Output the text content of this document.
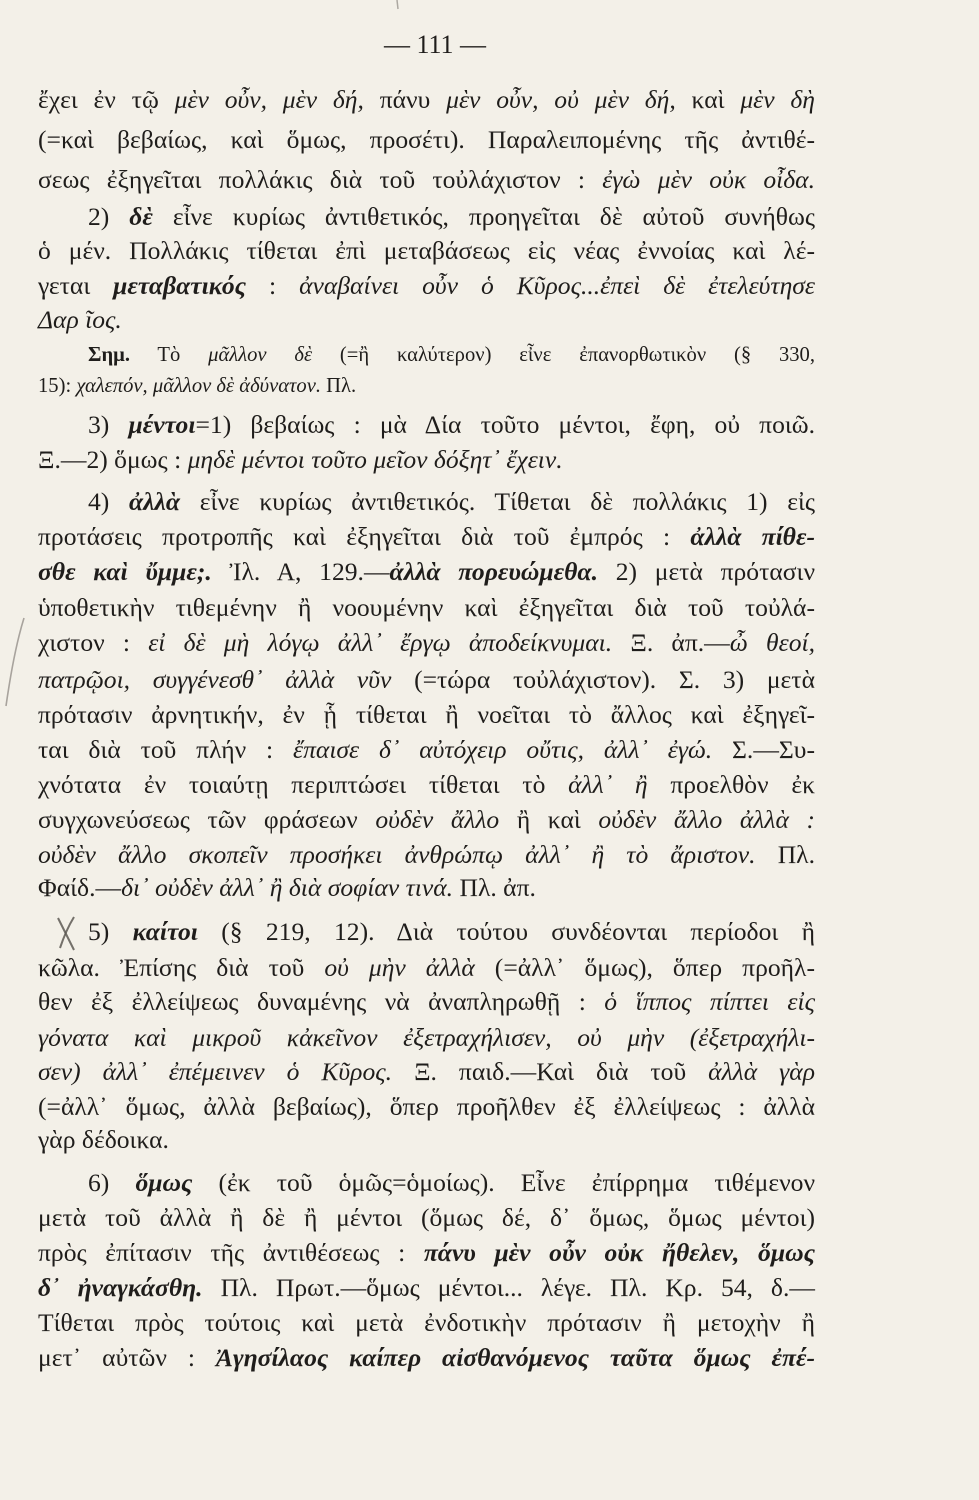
— 111 —
ἔχει ἐν τῷ μὲν οὖν, μὲν δή, πάνυ μὲν οὖν, οὐ μὲν δή, καὶ μὲν δὴ
(=καὶ βεβαίως, καὶ ὅμως, προσέτι). Παραλειπομένης τῆς ἀντιθέ-
σεως ἐξηγεῖται πολλάκις διὰ τοῦ τοὐλάχιστον : ἐγὼ μὲν οὐκ οἶδα.
2) δὲ εἶνε κυρίως ἀντιθετικός, προηγεῖται δὲ αὐτοῦ συνήθως
ὁ μέν. Πολλάκις τίθεται ἐπὶ μεταβάσεως εἰς νέας ἐννοίας καὶ λέ-
γεται μεταβατικός : ἀναβαίνει οὖν ὁ Κῦρος...ἐπεὶ δὲ ἐτελεύτησε
Δαρ ῖος.
Σημ. Τὸ μᾶλλον δὲ (=ἢ καλύτερον) εἶνε ἐπανορθωτικὸν (§ 330,
15): χαλεπόν, μᾶλλον δὲ ἀδύνατον. Πλ.
3) μέντοι=1) βεβαίως : μὰ Δία τοῦτο μέντοι, ἔφη, οὐ ποιῶ.
Ξ.—2) ὅμως : μηδὲ μέντοι τοῦτο μεῖον δόξητ᾽ ἔχειν.
4) ἀλλὰ εἶνε κυρίως ἀντιθετικός. Τίθεται δὲ πολλάκις 1) εἰς
προτάσεις προτροπῆς καὶ ἐξηγεῖται διὰ τοῦ ἐμπρός : ἀλλὰ πίθε-
σθε καὶ ὔμμε;. Ἰλ. Α, 129.—ἀλλὰ πορευώμεθα. 2) μετὰ πρότασιν
ὑποθετικὴν τιθεμένην ἢ νοουμένην καὶ ἐξηγεῖται διὰ τοῦ τοὐλά-
χιστον : εἰ δὲ μὴ λόγῳ ἀλλ᾽ ἔργῳ ἀποδείκνυμαι. Ξ. ἀπ.—ὦ θεοί,
πατρῷοι, συγγένεσθ᾽ ἀλλὰ νῦν (=τώρα τοὐλάχιστον). Σ. 3) μετὰ
πρότασιν ἀρνητικήν, ἐν ᾗ τίθεται ἢ νοεῖται τὸ ἄλλος καὶ ἐξηγεῖ-
ται διὰ τοῦ πλήν : ἔπαισε δ᾽ αὐτόχειρ οὔτις, ἀλλ᾽ ἐγώ. Σ.—Συ-
χνότατα ἐν τοιαύτῃ περιπτώσει τίθεται τὸ ἀλλ᾽ ἢ προελθὸν ἐκ
συγχωνεύσεως τῶν φράσεων οὐδὲν ἄλλο ἢ καὶ οὐδὲν ἄλλο ἀλλὰ :
οὐδὲν ἄλλο σκοπεῖν προσήκει ἀνθρώπῳ ἀλλ᾽ ἢ τὸ ἄριστον. Πλ.
Φαίδ.—δι᾽ οὐδὲν ἀλλ᾽ ἢ διὰ σοφίαν τινά. Πλ. ἀπ.
5) καίτοι (§ 219, 12). Διὰ τούτου συνδέονται περίοδοι ἢ
κῶλα. Ἐπίσης διὰ τοῦ οὐ μὴν ἀλλὰ (=ἀλλ᾽ ὅμως), ὅπερ προῆλ-
θεν ἐξ ἐλλείψεως δυναμένης νὰ ἀναπληρωθῇ : ὁ ἵππος πίπτει εἰς
γόνατα καὶ μικροῦ κἀκεῖνον ἐξετραχήλισεν, οὐ μὴν (ἐξετραχήλι-
σεν) ἀλλ᾽ ἐπέμεινεν ὁ Κῦρος. Ξ. παιδ.—Καὶ διὰ τοῦ ἀλλὰ γὰρ
(=ἀλλ᾽ ὅμως, ἀλλὰ βεβαίως), ὅπερ προῆλθεν ἐξ ἐλλείψεως : ἀλλὰ
γὰρ δέδοικα.
6) ὅμως (ἐκ τοῦ ὁμῶς=ὁμοίως). Εἶνε ἐπίρρημα τιθέμενον
μετὰ τοῦ ἀλλὰ ἢ δὲ ἢ μέντοι (ὅμως δέ, δ᾽ ὅμως, ὅμως μέντοι)
πρὸς ἐπίτασιν τῆς ἀντιθέσεως : πάνυ μὲν οὖν οὐκ ἤθελεν, ὅμως
δ᾽ ἠναγκάσθη. Πλ. Πρωτ.—ὅμως μέντοι... λέγε. Πλ. Κρ. 54, δ.—
Τίθεται πρὸς τούτοις καὶ μετὰ ἐνδοτικὴν πρότασιν ἢ μετοχὴν ἢ
μετ᾽ αὐτῶν : Ἀγησίλαος καίπερ αἰσθανόμενος ταῦτα ὅμως ἐπέ-
